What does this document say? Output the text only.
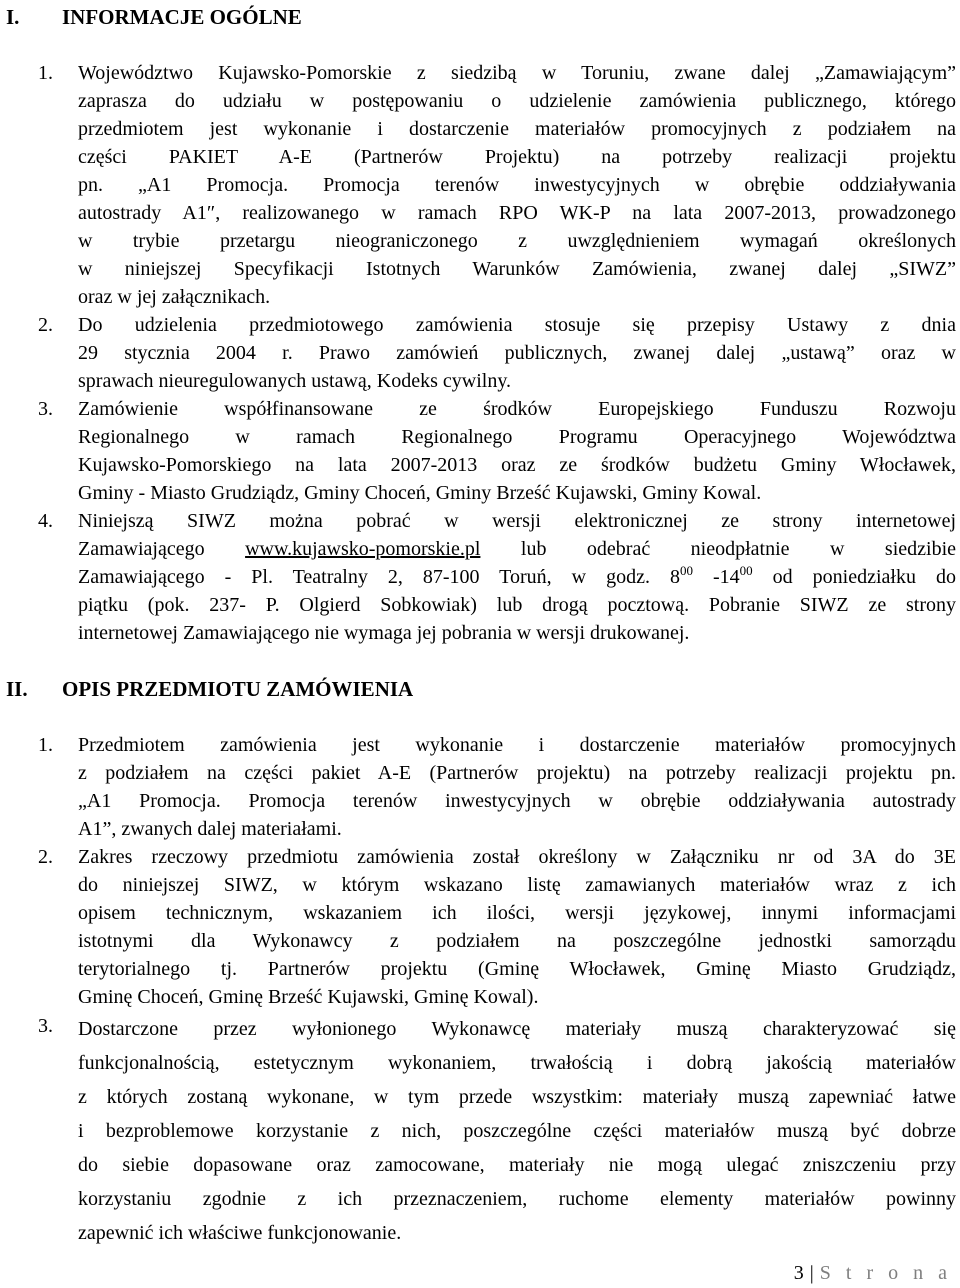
I. INFORMACJE OGÓLNE
1. Województwo Kujawsko-Pomorskie z siedzibą w Toruniu, zwane dalej „Zamawiającym”
zaprasza do udziału w postępowaniu o udzielenie zamówienia publicznego, którego
przedmiotem jest wykonanie i dostarczenie materiałów promocyjnych z podziałem na
części PAKIET A-E (Partnerów Projektu) na potrzeby realizacji projektu
pn. „A1 Promocja. Promocja terenów inwestycyjnych w obrębie oddziaływania
autostrady A1″, realizowanego w ramach RPO WK-P na lata 2007-2013, prowadzonego
w trybie przetargu nieograniczonego z uwzględnieniem wymagań określonych
w niniejszej Specyfikacji Istotnych Warunków Zamówienia, zwanej dalej „SIWZ”
oraz w jej załącznikach.
2. Do udzielenia przedmiotowego zamówienia stosuje się przepisy Ustawy z dnia
29 stycznia 2004 r. Prawo zamówień publicznych, zwanej dalej „ustawą” oraz w
sprawach nieuregulowanych ustawą, Kodeks cywilny.
3. Zamówienie współfinansowane ze środków Europejskiego Funduszu Rozwoju
Regionalnego w ramach Regionalnego Programu Operacyjnego Województwa
Kujawsko-Pomorskiego na lata 2007-2013 oraz ze środków budżetu Gminy Włocławek,
Gminy - Miasto Grudziądz, Gminy Choceń, Gminy Brześć Kujawski, Gminy Kowal.
4. Niniejszą SIWZ można pobrać w wersji elektronicznej ze strony internetowej
Zamawiającego www.kujawsko-pomorskie.pl lub odebrać nieodpłatnie w siedzibie
Zamawiającego - Pl. Teatralny 2, 87-100 Toruń, w godz. $8^{00}$ $-14^{00}$ od poniedziałku do
piątku (pok. 237- P. Olgierd Sobkowiak) lub drogą pocztową. Pobranie SIWZ ze strony
internetowej Zamawiającego nie wymaga jej pobrania w wersji drukowanej.
II. OPIS PRZEDMIOTU ZAMÓWIENIA
1. Przedmiotem zamówienia jest wykonanie i dostarczenie materiałów promocyjnych
z podziałem na części pakiet A-E (Partnerów projektu) na potrzeby realizacji projektu pn.
„A1 Promocja. Promocja terenów inwestycyjnych w obrębie oddziaływania autostrady
A1”, zwanych dalej materiałami.
2. Zakres rzeczowy przedmiotu zamówienia został określony w Załączniku nr od 3A do 3E
do niniejszej SIWZ, w którym wskazano listę zamawianych materiałów wraz z ich
opisem technicznym, wskazaniem ich ilości, wersji językowej, innymi informacjami
istotnymi dla Wykonawcy z podziałem na poszczególne jednostki samorządu
terytorialnego tj. Partnerów projektu (Gminę Włocławek, Gminę Miasto Grudziądz,
Gminę Choceń, Gminę Brześć Kujawski, Gminę Kowal).
3. Dostarczone przez wyłonionego Wykonawcę materiały muszą charakteryzować się
funkcjonalnością, estetycznym wykonaniem, trwałością i dobrą jakością materiałów
z których zostaną wykonane, w tym przede wszystkim: materiały muszą zapewniać łatwe
i bezproblemowe korzystanie z nich, poszczególne części materiałów muszą być dobrze
do siebie dopasowane oraz zamocowane, materiały nie mogą ulegać zniszczeniu przy
korzystaniu zgodnie z ich przeznaczeniem, ruchome elementy materiałów powinny
zapewnić ich właściwe funkcjonowanie.
3 | S t r o n a
